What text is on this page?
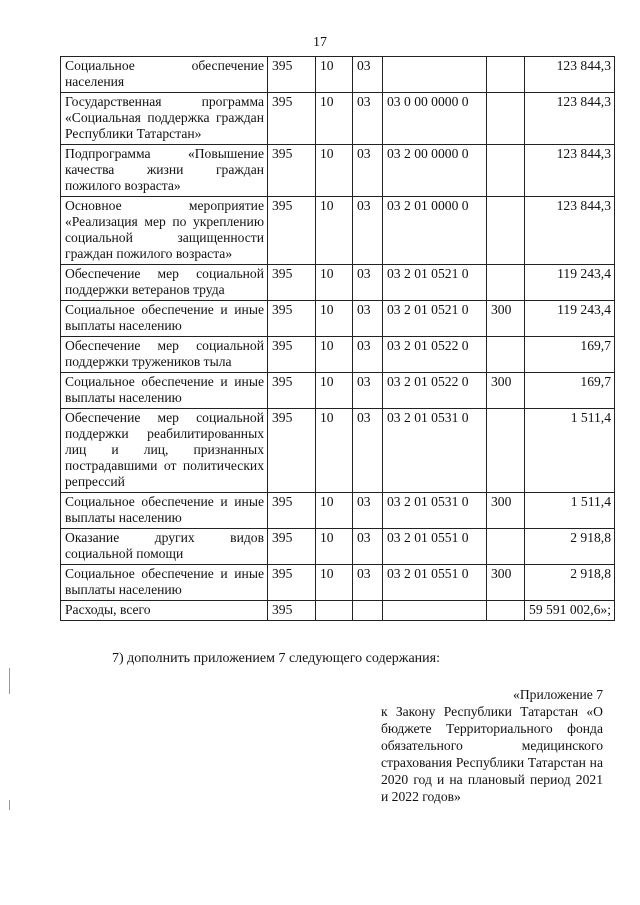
17
Социальное обеспечение населения	395	10	03			123 844,3
Государственная программа «Социальная поддержка граждан Республики Татарстан»	395	10	03	03 0 00 0000 0		123 844,3
Подпрограмма «Повышение качества жизни граждан пожилого возраста»	395	10	03	03 2 00 0000 0		123 844,3
Основное мероприятие «Реализация мер по укреплению социальной защищенности граждан пожилого возраста»	395	10	03	03 2 01 0000 0		123 844,3
Обеспечение мер социальной поддержки ветеранов труда	395	10	03	03 2 01 0521 0		119 243,4
Социальное обеспечение и иные выплаты населению	395	10	03	03 2 01 0521 0	300	119 243,4
Обеспечение мер социальной поддержки тружеников тыла	395	10	03	03 2 01 0522 0		169,7
Социальное обеспечение и иные выплаты населению	395	10	03	03 2 01 0522 0	300	169,7
Обеспечение мер социальной поддержки реабилитированных лиц и лиц, признанных пострадавшими от политических репрессий	395	10	03	03 2 01 0531 0		1 511,4
Социальное обеспечение и иные выплаты населению	395	10	03	03 2 01 0531 0	300	1 511,4
Оказание других видов социальной помощи	395	10	03	03 2 01 0551 0		2 918,8
Социальное обеспечение и иные выплаты населению	395	10	03	03 2 01 0551 0	300	2 918,8
Расходы, всего	395					59 591 002,6»;
7) дополнить приложением 7 следующего содержания:
«Приложение 7
к Закону Республики Татарстан «О бюджете Территориального фонда обязательного медицинского страхования Республики Татарстан на 2020 год и на плановый период 2021 и 2022 годов»
